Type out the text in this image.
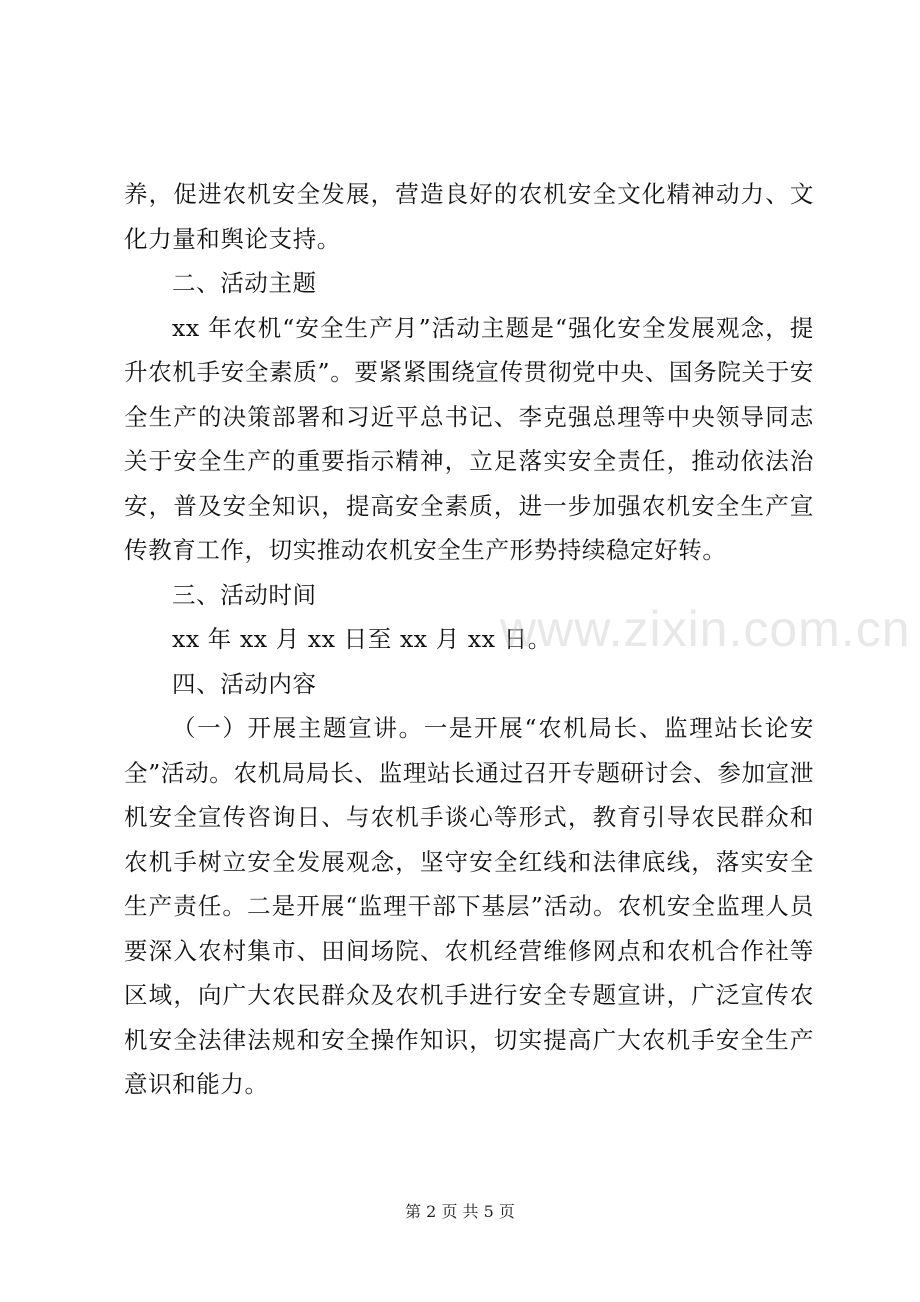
养，促进农机安全发展，营造良好的农机安全文化精神动力、文化力量和舆论支持。

二、活动主题

xx 年农机“安全生产月”活动主题是“强化安全发展观念，提升农机手安全素质”。要紧紧围绕宣传贯彻党中央、国务院关于安全生产的决策部署和习近平总书记、李克强总理等中央领导同志关于安全生产的重要指示精神，立足落实安全责任，推动依法治安，普及安全知识，提高安全素质，进一步加强农机安全生产宣传教育工作，切实推动农机安全生产形势持续稳定好转。

三、活动时间

xx 年 xx 月 xx 日至 xx 月 xx 日。

四、活动内容

（一）开展主题宣讲。一是开展“农机局长、监理站长论安全”活动。农机局局长、监理站长通过召开专题研讨会、参加宣泄机安全宣传咨询日、与农机手谈心等形式，教育引导农民群众和农机手树立安全发展观念，坚守安全红线和法律底线，落实安全生产责任。二是开展“监理干部下基层”活动。农机安全监理人员要深入农村集市、田间场院、农机经营维修网点和农机合作社等区域，向广大农民群众及农机手进行安全专题宣讲，广泛宣传农机安全法律法规和安全操作知识，切实提高广大农机手安全生产意识和能力。

www.zixin.com.cn
第 2 页 共 5 页
